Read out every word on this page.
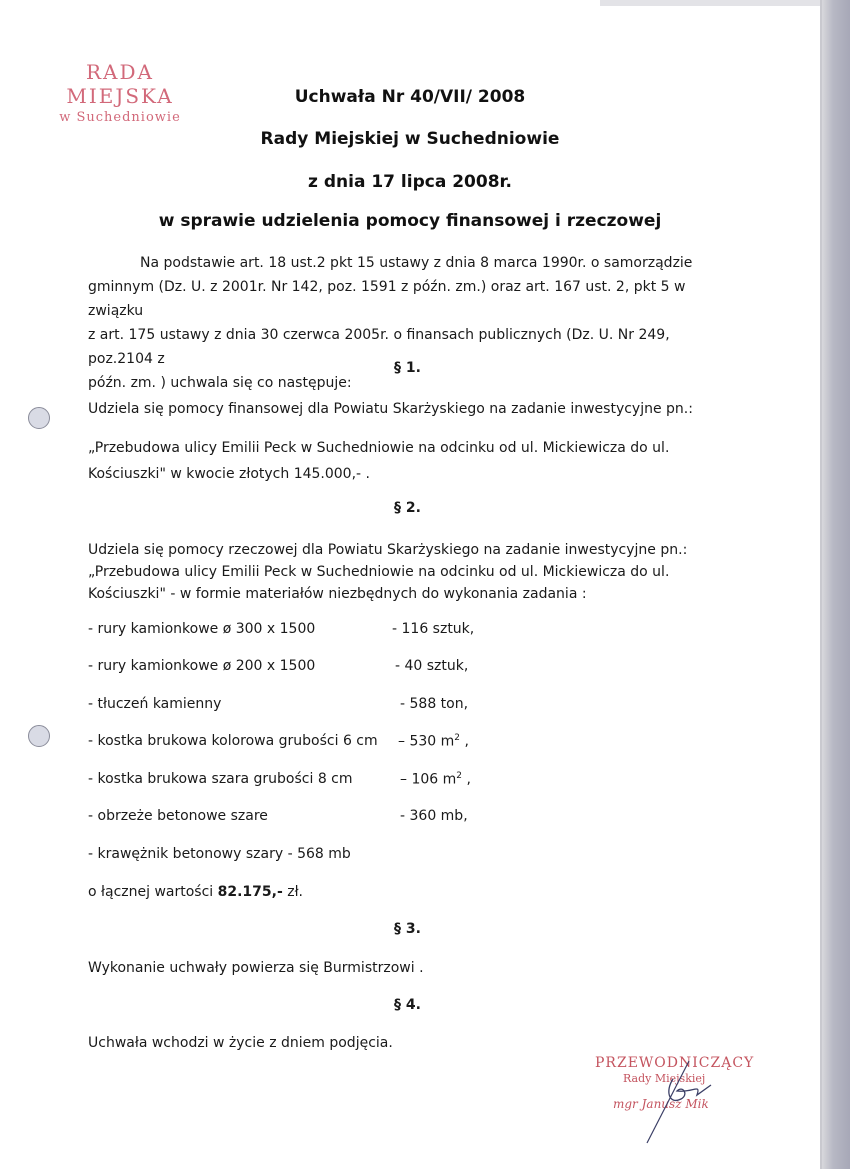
RADA MIEJSKA
w Suchedniowie
Uchwała Nr 40/VII/ 2008
Rady Miejskiej w Suchedniowie
z dnia 17 lipca 2008r.
w sprawie udzielenia pomocy finansowej i rzeczowej
Na podstawie art. 18 ust.2 pkt 15 ustawy z dnia 8 marca 1990r. o samorządzie
gminnym (Dz. U. z 2001r. Nr 142, poz. 1591 z późn. zm.) oraz art. 167 ust. 2, pkt 5 w związku
z art. 175 ustawy z dnia 30 czerwca 2005r. o finansach publicznych (Dz. U. Nr 249, poz.2104 z
późn. zm. ) uchwala się co następuje:
§ 1.
Udziela się pomocy finansowej dla Powiatu Skarżyskiego na zadanie inwestycyjne pn.:
„Przebudowa ulicy Emilii Peck w Suchedniowie na odcinku od ul. Mickiewicza do ul.
Kościuszki" w kwocie złotych 145.000,- .
§ 2.
Udziela się pomocy rzeczowej dla Powiatu Skarżyskiego na zadanie inwestycyjne pn.:
„Przebudowa ulicy Emilii Peck w Suchedniowie na odcinku od ul. Mickiewicza do ul.
Kościuszki" - w formie materiałów niezbędnych do wykonania zadania :
- rury kamionkowe ø 300 x 1500	- 116 sztuk,
- rury kamionkowe ø 200 x 1500	- 40 sztuk,
- tłuczeń kamienny	- 588 ton,
- kostka brukowa kolorowa grubości 6 cm – 530 $m^2$ ,
- kostka brukowa szara grubości 8 cm	– 106 $m^2$ ,
- obrzeże betonowe szare	- 360 mb,
- krawężnik betonowy szary - 568 mb
o łącznej wartości 82.175,- zł.
§ 3.
Wykonanie uchwały powierza się Burmistrzowi .
§ 4.
Uchwała wchodzi w życie z dniem podjęcia.
PRZEWODNICZĄCY
Rady Miejskiej
mgr Janusz Mik
